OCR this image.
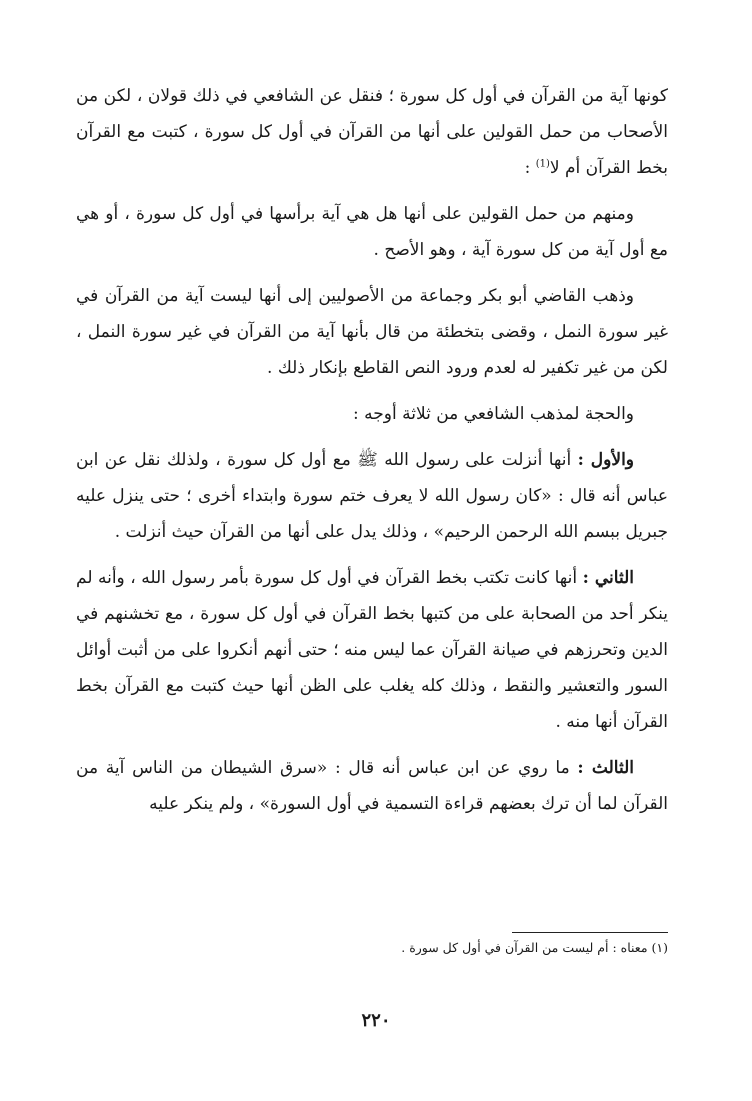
كونها آية من القرآن في أول كل سورة ؛ فنقل عن الشافعي في ذلك قولان ، لكن من الأصحاب من حمل القولين على أنها من القرآن في أول كل سورة ، كتبت مع القرآن بخط القرآن أم لا$^{(1)}$ :

ومنهم من حمل القولين على أنها هل هي آية برأسها في أول كل سورة ، أو هي مع أول آية من كل سورة آية ، وهو الأصح .

وذهب القاضي أبو بكر وجماعة من الأصوليين إلى أنها ليست آية من القرآن في غير سورة النمل ، وقضى بتخطئة من قال بأنها آية من القرآن في غير سورة النمل ، لكن من غير تكفير له لعدم ورود النص القاطع بإنكار ذلك .

والحجة لمذهب الشافعي من ثلاثة أوجه :

والأول : أنها أنزلت على رسول الله ﷺ مع أول كل سورة ، ولذلك نقل عن ابن عباس أنه قال : «كان رسول الله لا يعرف ختم سورة وابتداء أخرى ؛ حتى ينزل عليه جبريل ببسم الله الرحمن الرحيم» ، وذلك يدل على أنها من القرآن حيث أنزلت .

الثاني : أنها كانت تكتب بخط القرآن في أول كل سورة بأمر رسول الله ، وأنه لم ينكر أحد من الصحابة على من كتبها بخط القرآن في أول كل سورة ، مع تخشنهم في الدين وتحرزهم في صيانة القرآن عما ليس منه ؛ حتى أنهم أنكروا على من أثبت أوائل السور والتعشير والنقط ، وذلك كله يغلب على الظن أنها حيث كتبت مع القرآن بخط القرآن أنها منه .

الثالث : ما روي عن ابن عباس أنه قال : «سرق الشيطان من الناس آية من القرآن لما أن ترك بعضهم قراءة التسمية في أول السورة» ، ولم ينكر عليه

(١) معناه : أم ليست من القرآن في أول كل سورة .
٢٢٠
